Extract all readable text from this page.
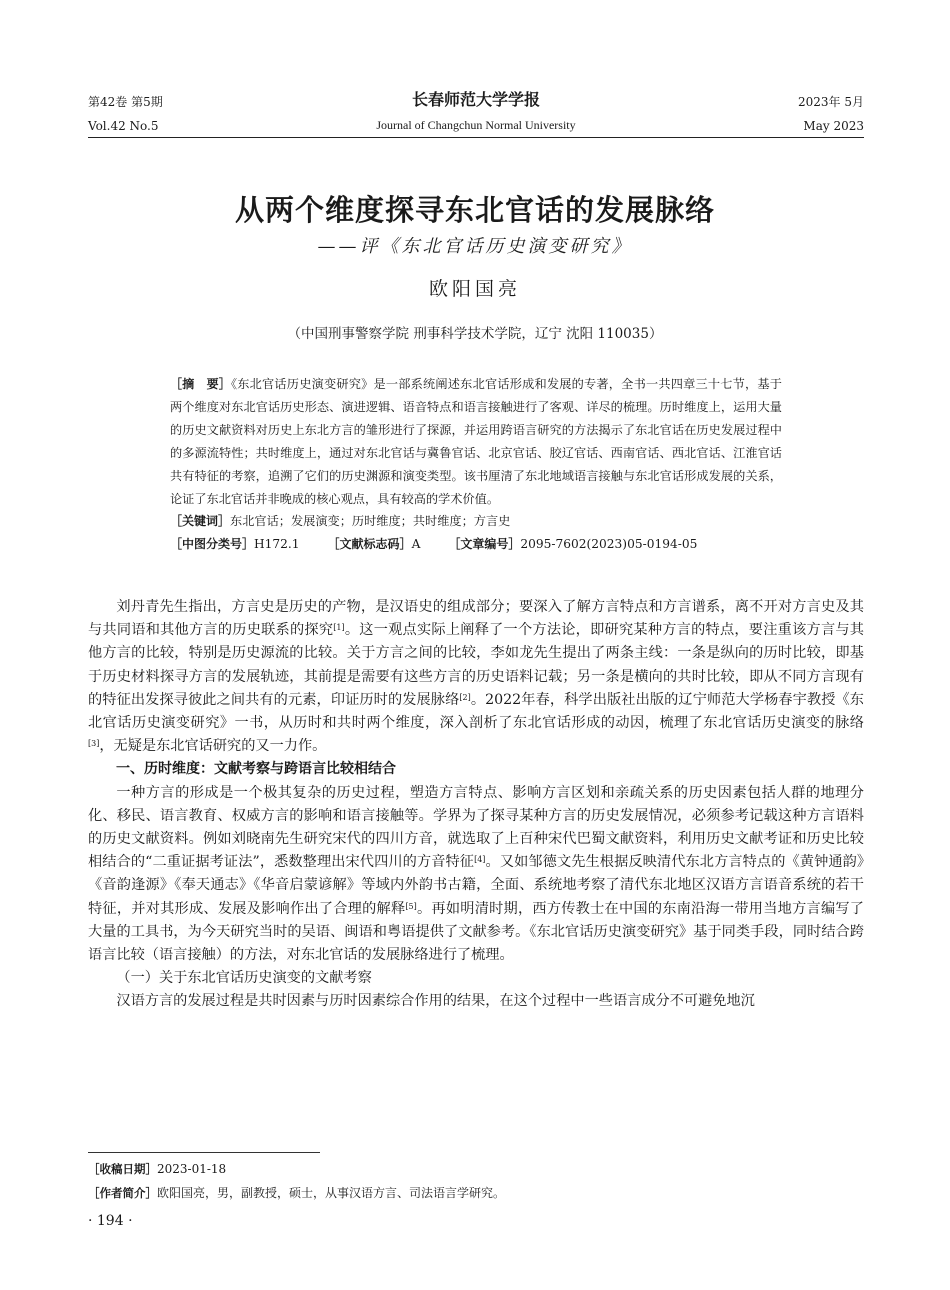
第42卷 第5期
Vol.42 No.5
长春师范大学学报
Journal of Changchun Normal University
2023年 5月
May 2023
从两个维度探寻东北官话的发展脉络
——评《东北官话历史演变研究》
欧阳国亮
（中国刑事警察学院 刑事科学技术学院，辽宁 沈阳 110035）
［摘　要］《东北官话历史演变研究》是一部系统阐述东北官话形成和发展的专著，全书一共四章三十七节，基于两个维度对东北官话历史形态、演进逻辑、语音特点和语言接触进行了客观、详尽的梳理。历时维度上，运用大量的历史文献资料对历史上东北方言的雏形进行了探源，并运用跨语言研究的方法揭示了东北官话在历史发展过程中的多源流特性；共时维度上，通过对东北官话与冀鲁官话、北京官话、胶辽官话、西南官话、西北官话、江淮官话共有特征的考察，追溯了它们的历史渊源和演变类型。该书厘清了东北地域语言接触与东北官话形成发展的关系，论证了东北官话并非晚成的核心观点，具有较高的学术价值。
［关键词］东北官话；发展演变；历时维度；共时维度；方言史
［中图分类号］H172.1 ［文献标志码］A ［文章编号］2095-7602(2023)05-0194-05

刘丹青先生指出，方言史是历史的产物，是汉语史的组成部分；要深入了解方言特点和方言谱系，离不开对方言史及其与共同语和其他方言的历史联系的探究[1]。这一观点实际上阐释了一个方法论，即研究某种方言的特点，要注重该方言与其他方言的比较，特别是历史源流的比较。关于方言之间的比较，李如龙先生提出了两条主线：一条是纵向的历时比较，即基于历史材料探寻方言的发展轨迹，其前提是需要有这些方言的历史语料记载；另一条是横向的共时比较，即从不同方言现有的特征出发探寻彼此之间共有的元素，印证历时的发展脉络[2]。2022年春，科学出版社出版的辽宁师范大学杨春宇教授《东北官话历史演变研究》一书，从历时和共时两个维度，深入剖析了东北官话形成的动因，梳理了东北官话历史演变的脉络[3]，无疑是东北官话研究的又一力作。

一、历时维度：文献考察与跨语言比较相结合

一种方言的形成是一个极其复杂的历史过程，塑造方言特点、影响方言区划和亲疏关系的历史因素包括人群的地理分化、移民、语言教育、权威方言的影响和语言接触等。学界为了探寻某种方言的历史发展情况，必须参考记载这种方言语料的历史文献资料。例如刘晓南先生研究宋代的四川方音，就选取了上百种宋代巴蜀文献资料，利用历史文献考证和历史比较相结合的“二重证据考证法”，悉数整理出宋代四川的方音特征[4]。又如邹德文先生根据反映清代东北方言特点的《黄钟通韵》《音韵逢源》《奉天通志》《华音启蒙谚解》等域内外韵书古籍，全面、系统地考察了清代东北地区汉语方言语音系统的若干特征，并对其形成、发展及影响作出了合理的解释[5]。再如明清时期，西方传教士在中国的东南沿海一带用当地方言编写了大量的工具书，为今天研究当时的吴语、闽语和粤语提供了文献参考。《东北官话历史演变研究》基于同类手段，同时结合跨语言比较（语言接触）的方法，对东北官话的发展脉络进行了梳理。

（一）关于东北官话历史演变的文献考察

汉语方言的发展过程是共时因素与历时因素综合作用的结果，在这个过程中一些语言成分不可避免地沉

［收稿日期］2023-01-18
［作者简介］欧阳国亮，男，副教授，硕士，从事汉语方言、司法语言学研究。
· 194 ·
